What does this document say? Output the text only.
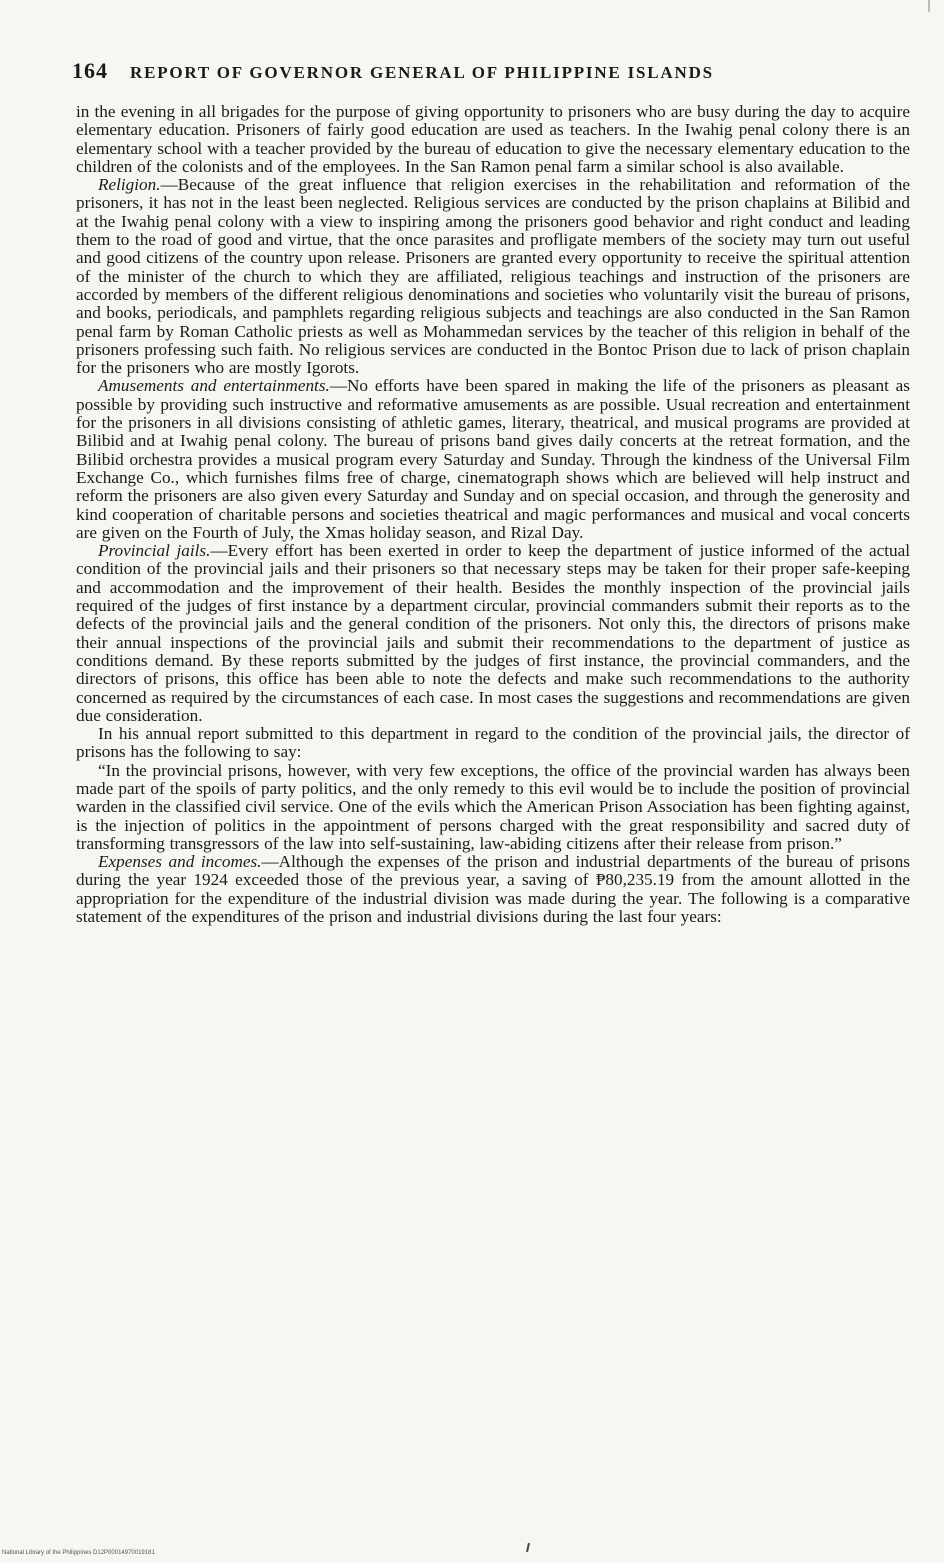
164 REPORT OF GOVERNOR GENERAL OF PHILIPPINE ISLANDS

in the evening in all brigades for the purpose of giving opportunity to prisoners who are busy during the day to acquire elementary education. Prisoners of fairly good education are used as teachers. In the Iwahig penal colony there is an elementary school with a teacher provided by the bureau of education to give the necessary elementary education to the children of the colonists and of the employees. In the San Ramon penal farm a similar school is also available.

Religion.—Because of the great influence that religion exercises in the rehabilitation and reformation of the prisoners, it has not in the least been neglected. Religious services are conducted by the prison chaplains at Bilibid and at the Iwahig penal colony with a view to inspiring among the prisoners good behavior and right conduct and leading them to the road of good and virtue, that the once parasites and profligate members of the society may turn out useful and good citizens of the country upon release. Prisoners are granted every opportunity to receive the spiritual attention of the minister of the church to which they are affiliated, religious teachings and instruction of the prisoners are accorded by members of the different religious denominations and societies who voluntarily visit the bureau of prisons, and books, periodicals, and pamphlets regarding religious subjects and teachings are also conducted in the San Ramon penal farm by Roman Catholic priests as well as Mohammedan services by the teacher of this religion in behalf of the prisoners professing such faith. No religious services are conducted in the Bontoc Prison due to lack of prison chaplain for the prisoners who are mostly Igorots.

Amusements and entertainments.—No efforts have been spared in making the life of the prisoners as pleasant as possible by providing such instructive and reformative amusements as are possible. Usual recreation and entertainment for the prisoners in all divisions consisting of athletic games, literary, theatrical, and musical programs are provided at Bilibid and at Iwahig penal colony. The bureau of prisons band gives daily concerts at the retreat formation, and the Bilibid orchestra provides a musical program every Saturday and Sunday. Through the kindness of the Universal Film Exchange Co., which furnishes films free of charge, cinematograph shows which are believed will help instruct and reform the prisoners are also given every Saturday and Sunday and on special occasion, and through the generosity and kind cooperation of charitable persons and societies theatrical and magic performances and musical and vocal concerts are given on the Fourth of July, the Xmas holiday season, and Rizal Day.

Provincial jails.—Every effort has been exerted in order to keep the department of justice informed of the actual condition of the provincial jails and their prisoners so that necessary steps may be taken for their proper safe-keeping and accommodation and the improvement of their health. Besides the monthly inspection of the provincial jails required of the judges of first instance by a department circular, provincial commanders submit their reports as to the defects of the provincial jails and the general condition of the prisoners. Not only this, the directors of prisons make their annual inspections of the provincial jails and submit their recommendations to the department of justice as conditions demand. By these reports submitted by the judges of first instance, the provincial commanders, and the directors of prisons, this office has been able to note the defects and make such recommendations to the authority concerned as required by the circumstances of each case. In most cases the suggestions and recommendations are given due consideration.

In his annual report submitted to this department in regard to the condition of the provincial jails, the director of prisons has the following to say:

“In the provincial prisons, however, with very few exceptions, the office of the provincial warden has always been made part of the spoils of party politics, and the only remedy to this evil would be to include the position of provincial warden in the classified civil service. One of the evils which the American Prison Association has been fighting against, is the injection of politics in the appointment of persons charged with the great responsibility and sacred duty of transforming transgressors of the law into self-sustaining, law-abiding citizens after their release from prison.”

Expenses and incomes.—Although the expenses of the prison and industrial departments of the bureau of prisons during the year 1924 exceeded those of the previous year, a saving of ₱80,235.19 from the amount allotted in the appropriation for the expenditure of the industrial division was made during the year. The following is a comparative statement of the expenditures of the prison and industrial divisions during the last four years:

National Library of the Philippines D12P00014970019181
